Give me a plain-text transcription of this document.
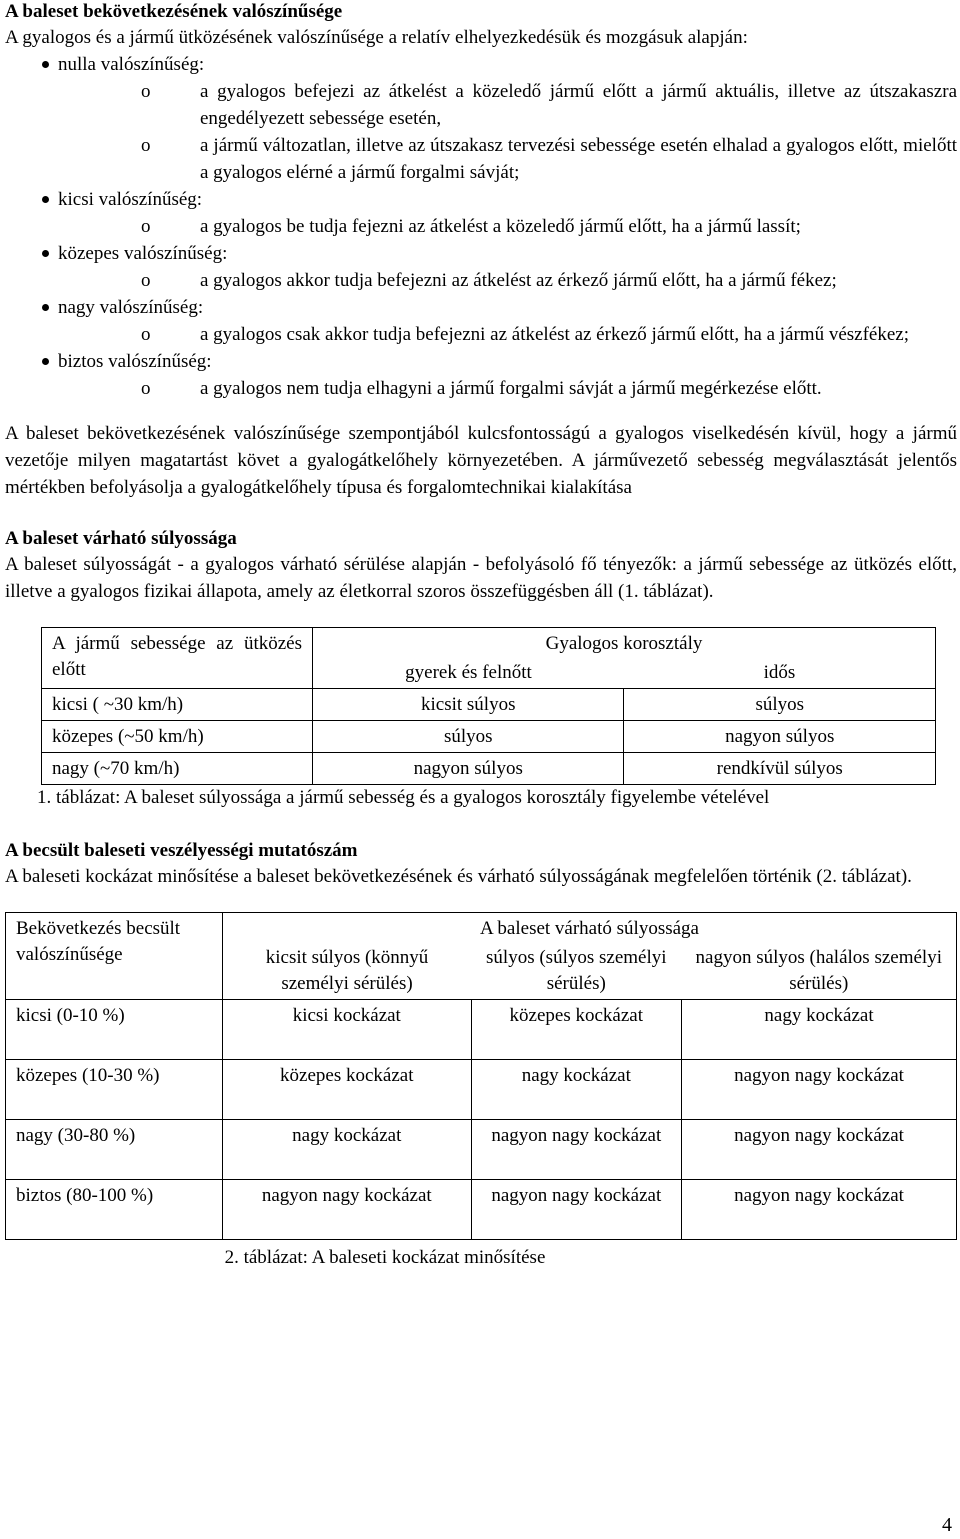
A baleset bekövetkezésének valószínűsége

A gyalogos és a jármű ütközésének valószínűsége a relatív elhelyezkedésük és mozgásuk alapján:

nulla valószínűség:
o	a gyalogos befejezi az átkelést a közeledő jármű előtt a jármű aktuális, illetve az útszakaszra engedélyezett sebessége esetén,
o	a jármű változatlan, illetve az útszakasz tervezési sebessége esetén elhalad a gyalogos előtt, mielőtt a gyalogos elérné a jármű forgalmi sávját;
kicsi valószínűség:
o	a gyalogos be tudja fejezni az átkelést a közeledő jármű előtt, ha a jármű lassít;
közepes valószínűség:
o	a gyalogos akkor tudja befejezni az átkelést az érkező jármű előtt, ha a jármű fékez;
nagy valószínűség:
o	a gyalogos csak akkor tudja befejezni az átkelést az érkező jármű előtt, ha a jármű vészfékez;
biztos valószínűség:
o	a gyalogos nem tudja elhagyni a jármű forgalmi sávját a jármű megérkezése előtt.

A baleset bekövetkezésének valószínűsége szempontjából kulcsfontosságú a gyalogos viselkedésén kívül, hogy a jármű vezetője milyen magatartást követ a gyalogátkelőhely környezetében. A járművezető sebesség megválasztását jelentős mértékben befolyásolja a gyalogátkelőhely típusa és forgalomtechnikai kialakítása

A baleset várható súlyossága

A baleset súlyosságát - a gyalogos várható sérülése alapján - befolyásoló fő tényezők: a jármű sebessége az ütközés előtt, illetve a gyalogos fizikai állapota, amely az életkorral szoros összefüggésben áll (1. táblázat).

A jármű sebessége az ütközés előtt	Gyalogos korosztály	
	gyerek és felnőtt	idős
kicsi ( ~30 km/h)	kicsit súlyos	súlyos
közepes (~50 km/h)	súlyos	nagyon súlyos
nagy (~70 km/h)	nagyon súlyos	rendkívül súlyos
1. táblázat: A baleset súlyossága a jármű sebesség és a gyalogos korosztály figyelembe vételével
A becsült baleseti veszélyességi mutatószám

A baleseti kockázat minősítése a baleset bekövetkezésének és várható súlyosságának megfelelően történik (2. táblázat).

Bekövetkezés becsült valószínűsége	A baleset várható súlyossága		
	kicsit súlyos (könnyű személyi sérülés)	súlyos (súlyos személyi sérülés)	nagyon súlyos (halálos személyi sérülés)
kicsi (0-10 %)	kicsi kockázat	közepes kockázat	nagy kockázat
közepes (10-30 %)	közepes kockázat	nagy kockázat	nagyon nagy kockázat
nagy (30-80 %)	nagy kockázat	nagyon nagy kockázat	nagyon nagy kockázat
biztos (80-100 %)	nagyon nagy kockázat	nagyon nagy kockázat	nagyon nagy kockázat
2. táblázat: A baleseti kockázat minősítése
4
